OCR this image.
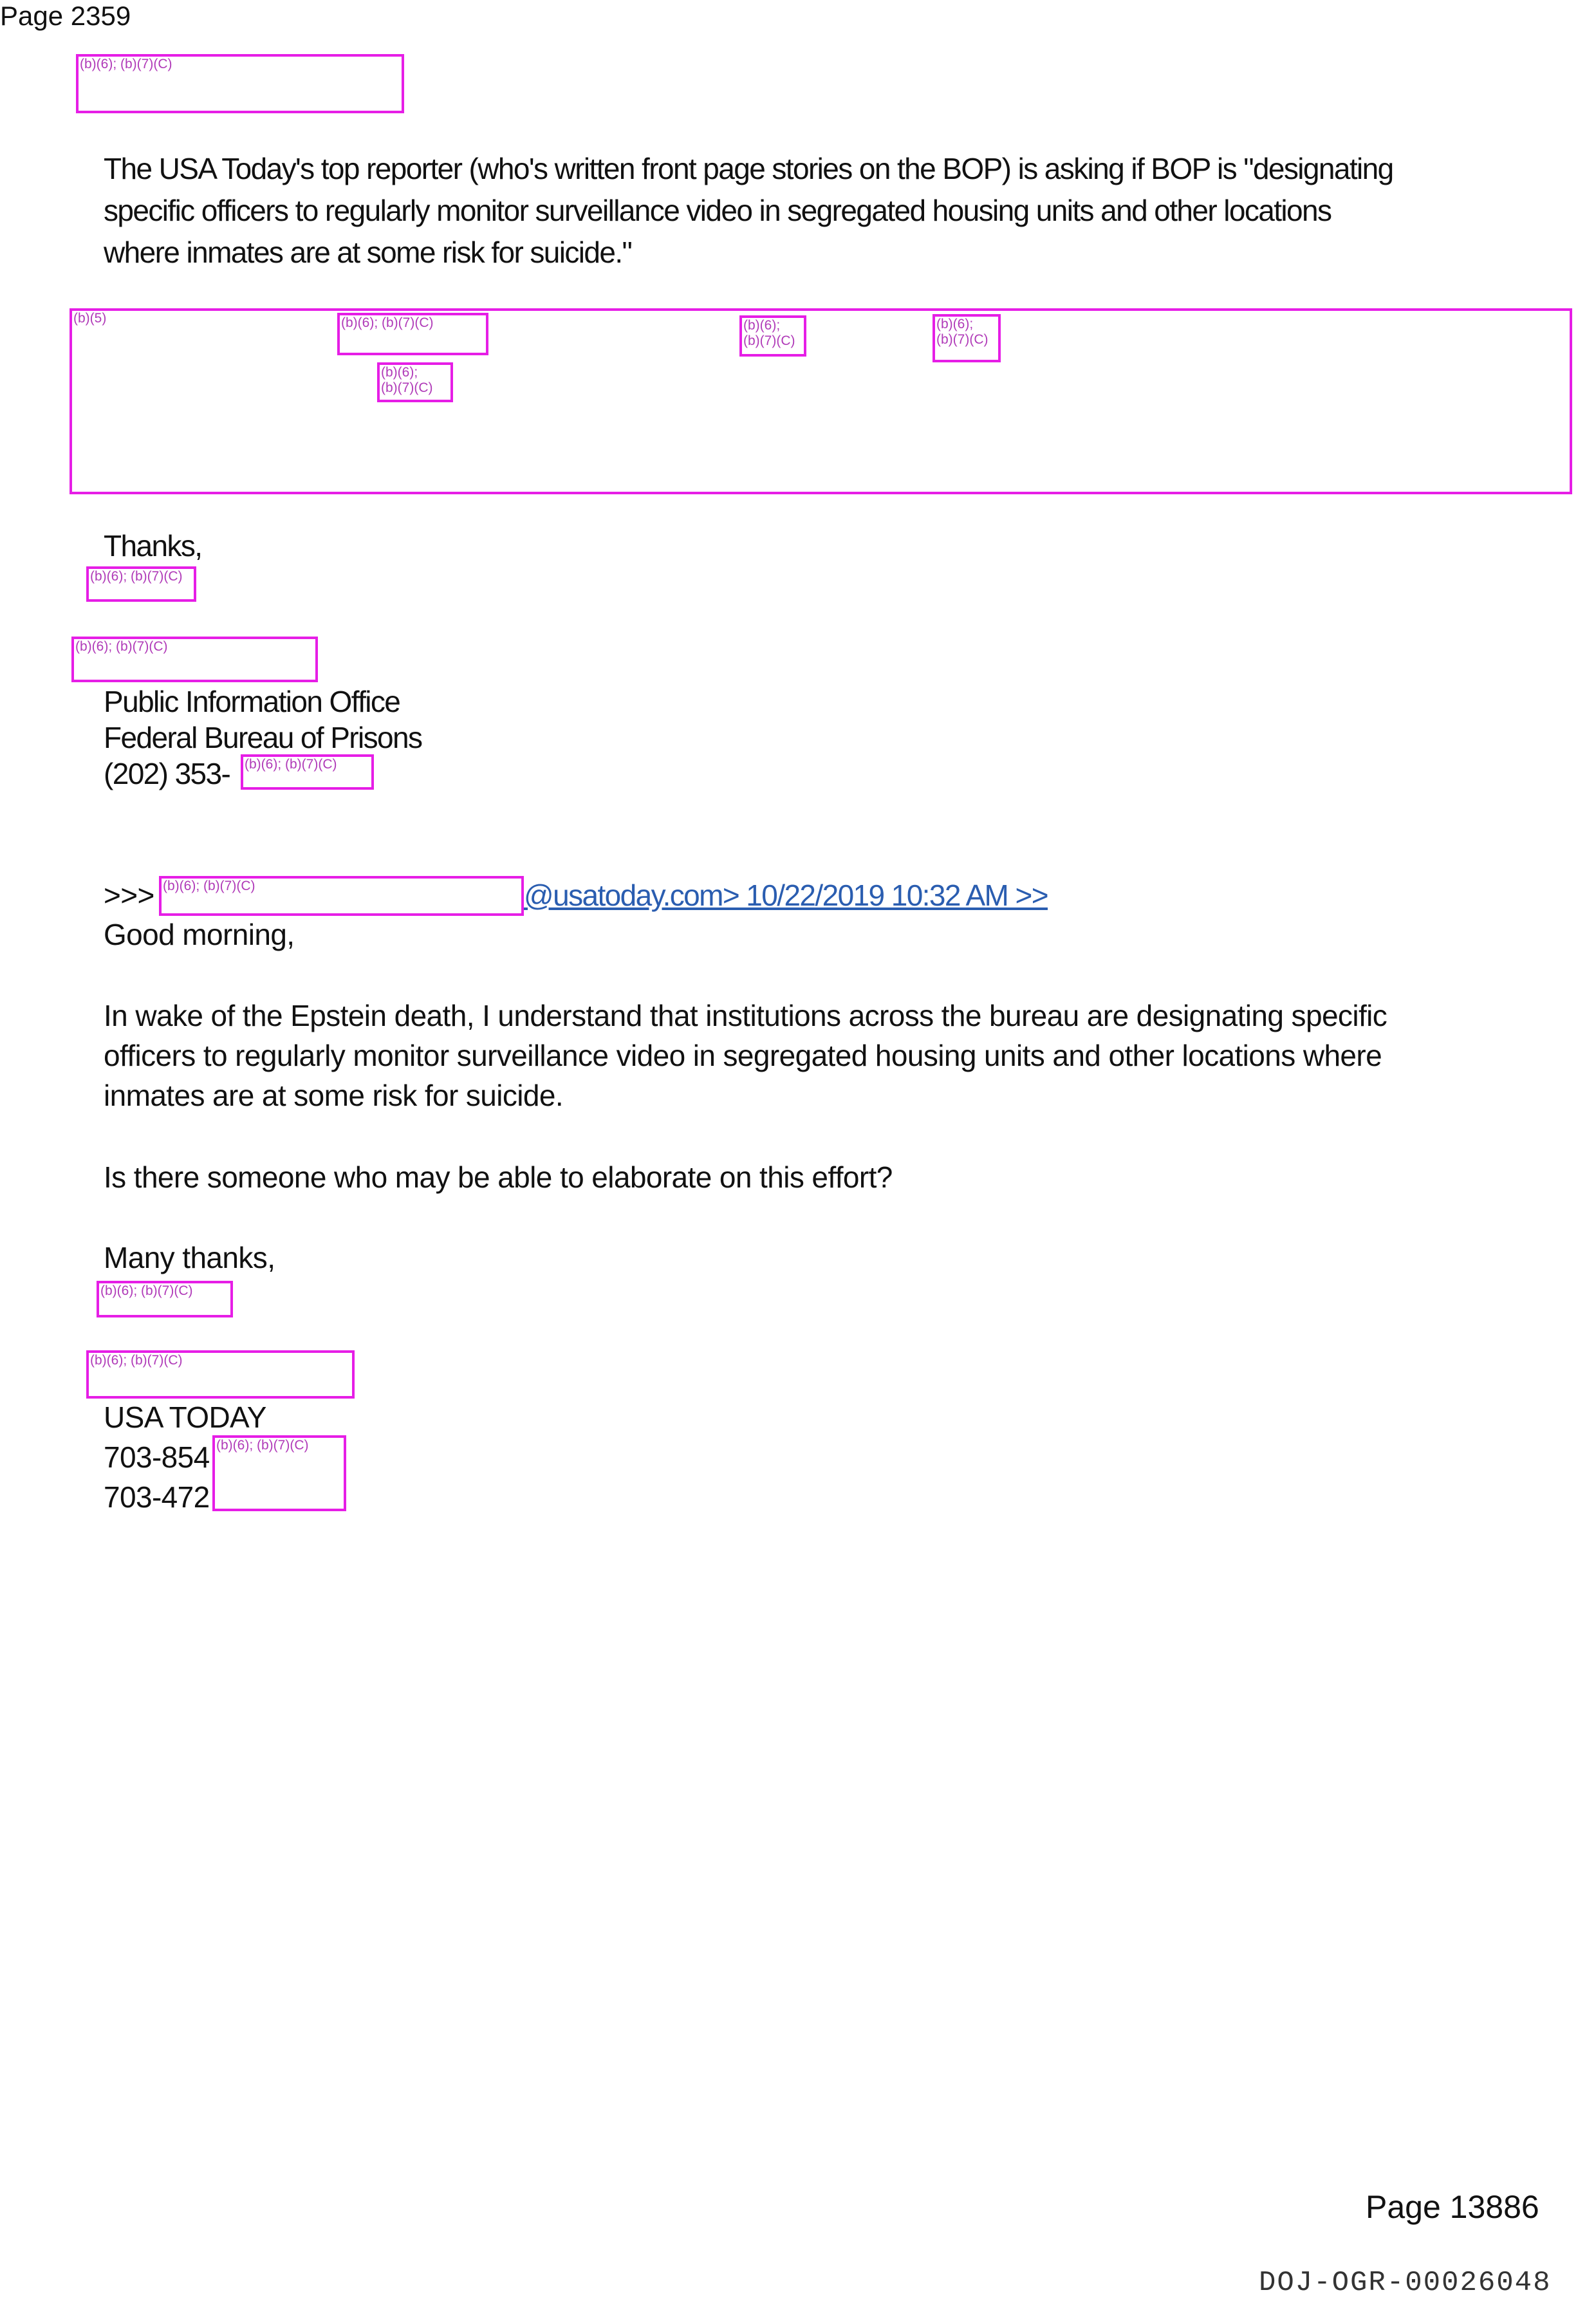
Page 2359
(b)(6); (b)(7)(C)
The USA Today's top reporter (who's written front page stories on the BOP) is asking if BOP is "designating
specific officers to regularly monitor surveillance video in segregated housing units and other locations
where inmates are at some risk for suicide."
(b)(5)	(b)(6); (b)(7)(C)
(b)(6);
(b)(7)(C)
(b)(6);
(b)(7)(C)
(b)(6);
(b)(7)(C)
Thanks,
(b)(6); (b)(7)(C)
(b)(6); (b)(7)(C)
Public Information Office
Federal Bureau of Prisons
(202) 353-	(b)(6); (b)(7)(C)
>>> (b)(6); (b)(7)(C)	@usatoday.com> 10/22/2019 10:32 AM >>
Good morning,
In wake of the Epstein death, I understand that institutions across the bureau are designating specific
officers to regularly monitor surveillance video in segregated housing units and other locations where
inmates are at some risk for suicide.
Is there someone who may be able to elaborate on this effort?
Many thanks,
(b)(6); (b)(7)(C)
(b)(6); (b)(7)(C)
USA TODAY
703-854
703-472
(b)(6); (b)(7)(C)
Page 13886
DOJ-OGR-00026048
